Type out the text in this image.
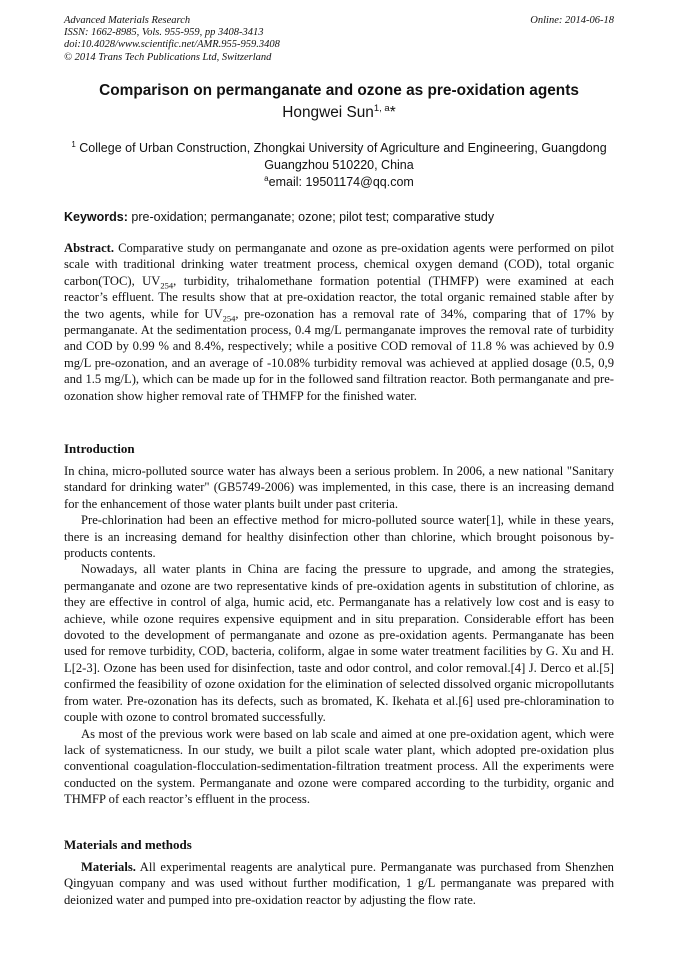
Advanced Materials Research
ISSN: 1662-8985, Vols. 955-959, pp 3408-3413
doi:10.4028/www.scientific.net/AMR.955-959.3408
© 2014 Trans Tech Publications Ltd, Switzerland
Online: 2014-06-18
Comparison on permanganate and ozone as pre-oxidation agents
Hongwei Sun$^{1, a}$*
$^1$ College of Urban Construction, Zhongkai University of Agriculture and Engineering, Guangdong
Guangzhou 510220, China
$^a$email: 19501174@qq.com
Keywords: pre-oxidation; permanganate; ozone; pilot test; comparative study

Abstract. Comparative study on permanganate and ozone as pre-oxidation agents were performed on pilot scale with traditional drinking water treatment process, chemical oxygen demand (COD), total organic carbon(TOC), $UV_{254}$, turbidity, trihalomethane formation potential (THMFP) were examined at each reactor’s effluent. The results show that at pre-oxidation reactor, the total organic remained stable after by the two agents, while for $UV_{254}$, pre-ozonation has a removal rate of 34%, comparing that of 17% by permanganate. At the sedimentation process, 0.4 mg/L permanganate improves the removal rate of turbidity and COD by 0.99 % and 8.4%, respectively; while a positive COD removal of 11.8 % was achieved by 0.9 mg/L pre-ozonation, and an average of -10.08% turbidity removal was achieved at applied dosage (0.5, 0,9 and 1.5 mg/L), which can be made up for in the followed sand filtration reactor. Both permanganate and pre-ozonation show higher removal rate of THMFP for the finished water.

Introduction

In china, micro-polluted source water has always been a serious problem. In 2006, a new national "Sanitary standard for drinking water" (GB5749-2006) was implemented, in this case, there is an increasing demand for the enhancement of those water plants built under past criteria.

Pre-chlorination had been an effective method for micro-polluted source water[1], while in these years, there is an increasing demand for healthy disinfection other than chlorine, which brought poisonous by-products contents.

Nowadays, all water plants in China are facing the pressure to upgrade, and among the strategies, permanganate and ozone are two representative kinds of pre-oxidation agents in substitution of chlorine, as they are effective in control of alga, humic acid, etc. Permanganate has a relatively low cost and is easy to achieve, while ozone requires expensive equipment and in situ preparation. Considerable effort has been dovoted to the development of permanganate and ozone as pre-oxidation agents. Permanganate has been used for remove turbidity, COD, bacteria, coliform, algae in some water treatment facilities by G. Xu and H. L[2-3]. Ozone has been used for disinfection, taste and odor control, and color removal.[4] J. Derco et al.[5] confirmed the feasibility of ozone oxidation for the elimination of selected dissolved organic micropollutants from water. Pre-ozonation has its defects, such as bromated, K. Ikehata et al.[6] used pre-chloramination to couple with ozone to control bromated successfully.

As most of the previous work were based on lab scale and aimed at one pre-oxidation agent, which were lack of systematicness. In our study, we built a pilot scale water plant, which adopted pre-oxidation plus conventional coagulation-flocculation-sedimentation-filtration treatment process. All the experiments were conducted on the system. Permanganate and ozone were compared according to the turbidity, organic and THMFP of each reactor’s effluent in the process.

Materials and methods

Materials. All experimental reagents are analytical pure. Permanganate was purchased from Shenzhen Qingyuan company and was used without further modification, 1 g/L permanganate was prepared with deionized water and pumped into pre-oxidation reactor by adjusting the flow rate.
